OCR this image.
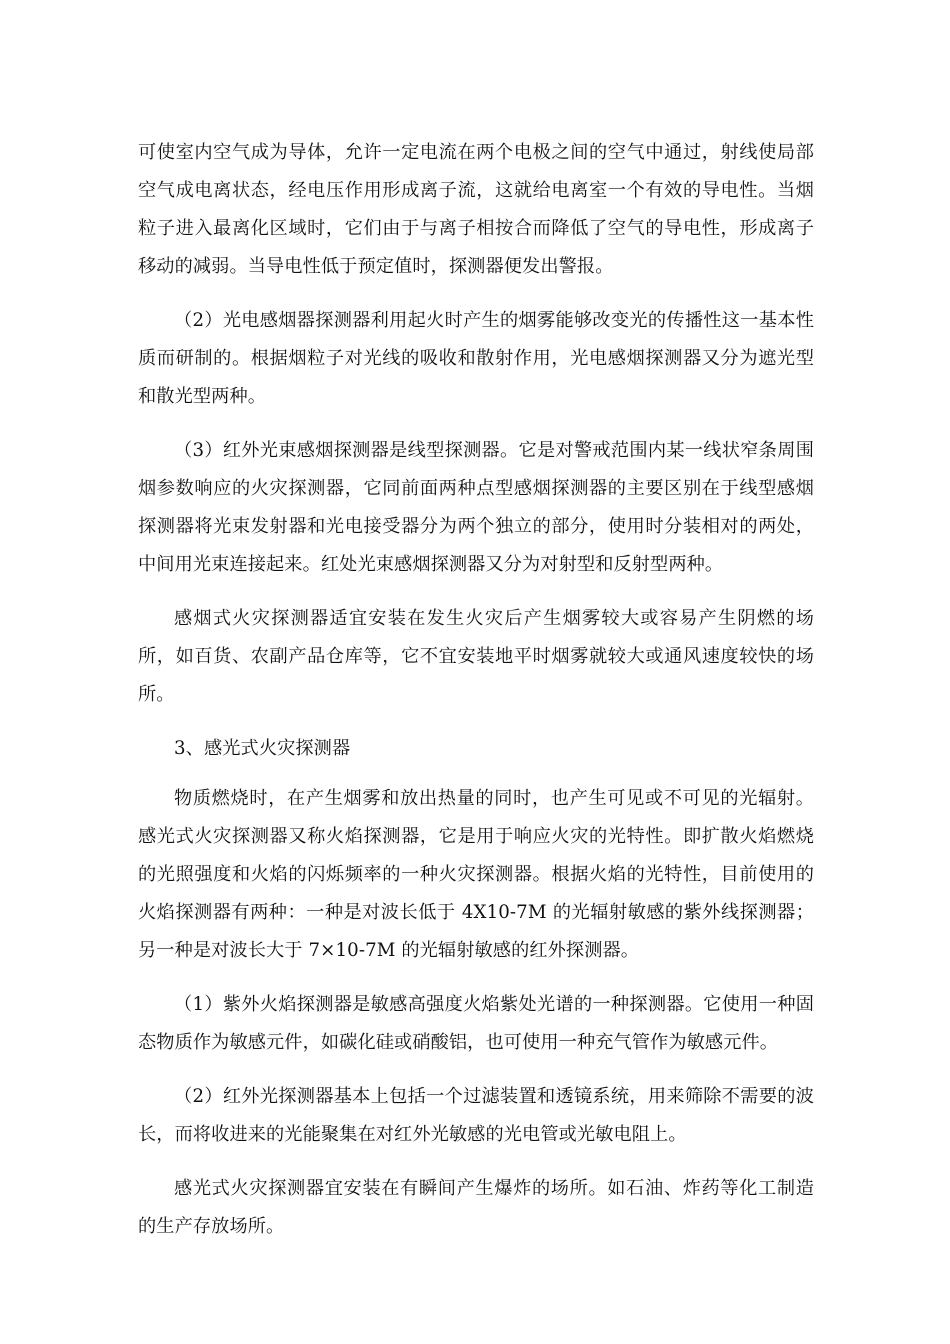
可使室内空气成为导体，允许一定电流在两个电极之间的空气中通过，射线使局部空气成电离状态，经电压作用形成离子流，这就给电离室一个有效的导电性。当烟粒子进入最离化区域时，它们由于与离子相按合而降低了空气的导电性，形成离子移动的减弱。当导电性低于预定值时，探测器便发出警报。

（2）光电感烟器探测器利用起火时产生的烟雾能够改变光的传播性这一基本性质而研制的。根据烟粒子对光线的吸收和散射作用，光电感烟探测器又分为遮光型和散光型两种。

（3）红外光束感烟探测器是线型探测器。它是对警戒范围内某一线状窄条周围烟参数响应的火灾探测器，它同前面两种点型感烟探测器的主要区别在于线型感烟探测器将光束发射器和光电接受器分为两个独立的部分，使用时分装相对的两处，中间用光束连接起来。红处光束感烟探测器又分为对射型和反射型两种。

感烟式火灾探测器适宜安装在发生火灾后产生烟雾较大或容易产生阴燃的场所，如百货、农副产品仓库等，它不宜安装地平时烟雾就较大或通风速度较快的场所。

3、感光式火灾探测器

物质燃烧时，在产生烟雾和放出热量的同时，也产生可见或不可见的光辐射。感光式火灾探测器又称火焰探测器，它是用于响应火灾的光特性。即扩散火焰燃烧的光照强度和火焰的闪烁频率的一种火灾探测器。根据火焰的光特性，目前使用的火焰探测器有两种：一种是对波长低于 4X10-7M 的光辐射敏感的紫外线探测器；另一种是对波长大于 7×10-7M 的光辐射敏感的红外探测器。

（1）紫外火焰探测器是敏感高强度火焰紫处光谱的一种探测器。它使用一种固态物质作为敏感元件，如碳化硅或硝酸铝，也可使用一种充气管作为敏感元件。

（2）红外光探测器基本上包括一个过滤装置和透镜系统，用来筛除不需要的波长，而将收进来的光能聚集在对红外光敏感的光电管或光敏电阻上。

感光式火灾探测器宜安装在有瞬间产生爆炸的场所。如石油、炸药等化工制造的生产存放场所。
